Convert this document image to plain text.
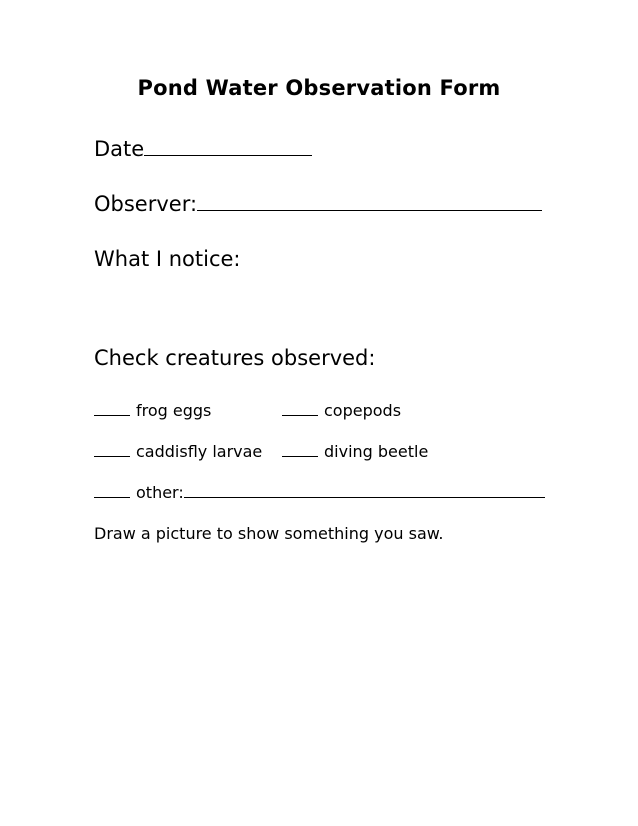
Pond Water Observation Form
Date
Observer:
What I notice:
Check creatures observed:
frog eggs	copepods
caddisfly larvae	diving beetle
other:
Draw a picture to show something you saw.
